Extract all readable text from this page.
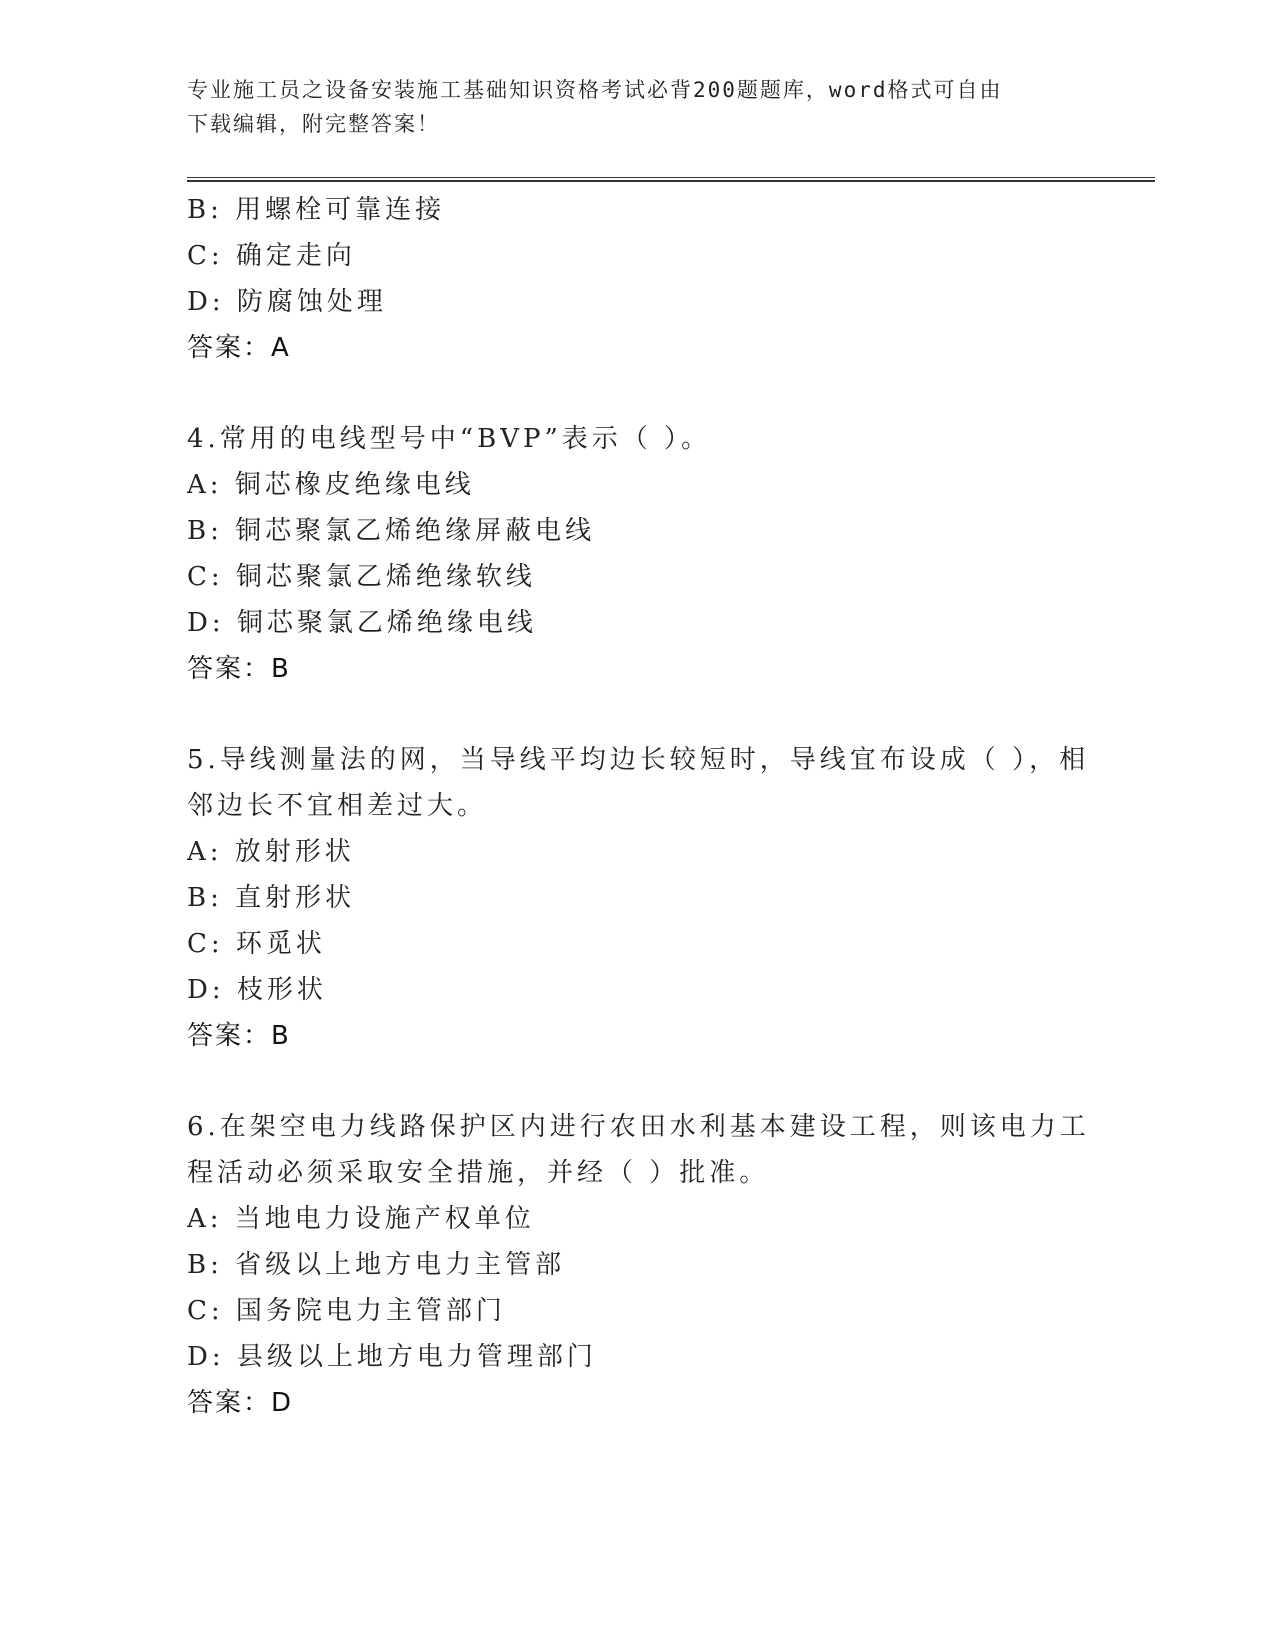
专业施工员之设备安装施工基础知识资格考试必背200题题库，word格式可自由
下载编辑，附完整答案！
B: 用螺栓可靠连接
C: 确定走向
D: 防腐蚀处理
答案：A
4.常用的电线型号中“BVP”表示（ ）。
A: 铜芯橡皮绝缘电线
B: 铜芯聚氯乙烯绝缘屏蔽电线
C: 铜芯聚氯乙烯绝缘软线
D: 铜芯聚氯乙烯绝缘电线
答案：B
5.导线测量法的网，当导线平均边长较短时，导线宜布设成（ ），相
邻边长不宜相差过大。
A: 放射形状
B: 直射形状
C: 环觅状
D: 枝形状
答案：B
6.在架空电力线路保护区内进行农田水利基本建设工程，则该电力工
程活动必须采取安全措施，并经（ ）批准。
A: 当地电力设施产权单位
B: 省级以上地方电力主管部
C: 国务院电力主管部门
D: 县级以上地方电力管理部门
答案：D
